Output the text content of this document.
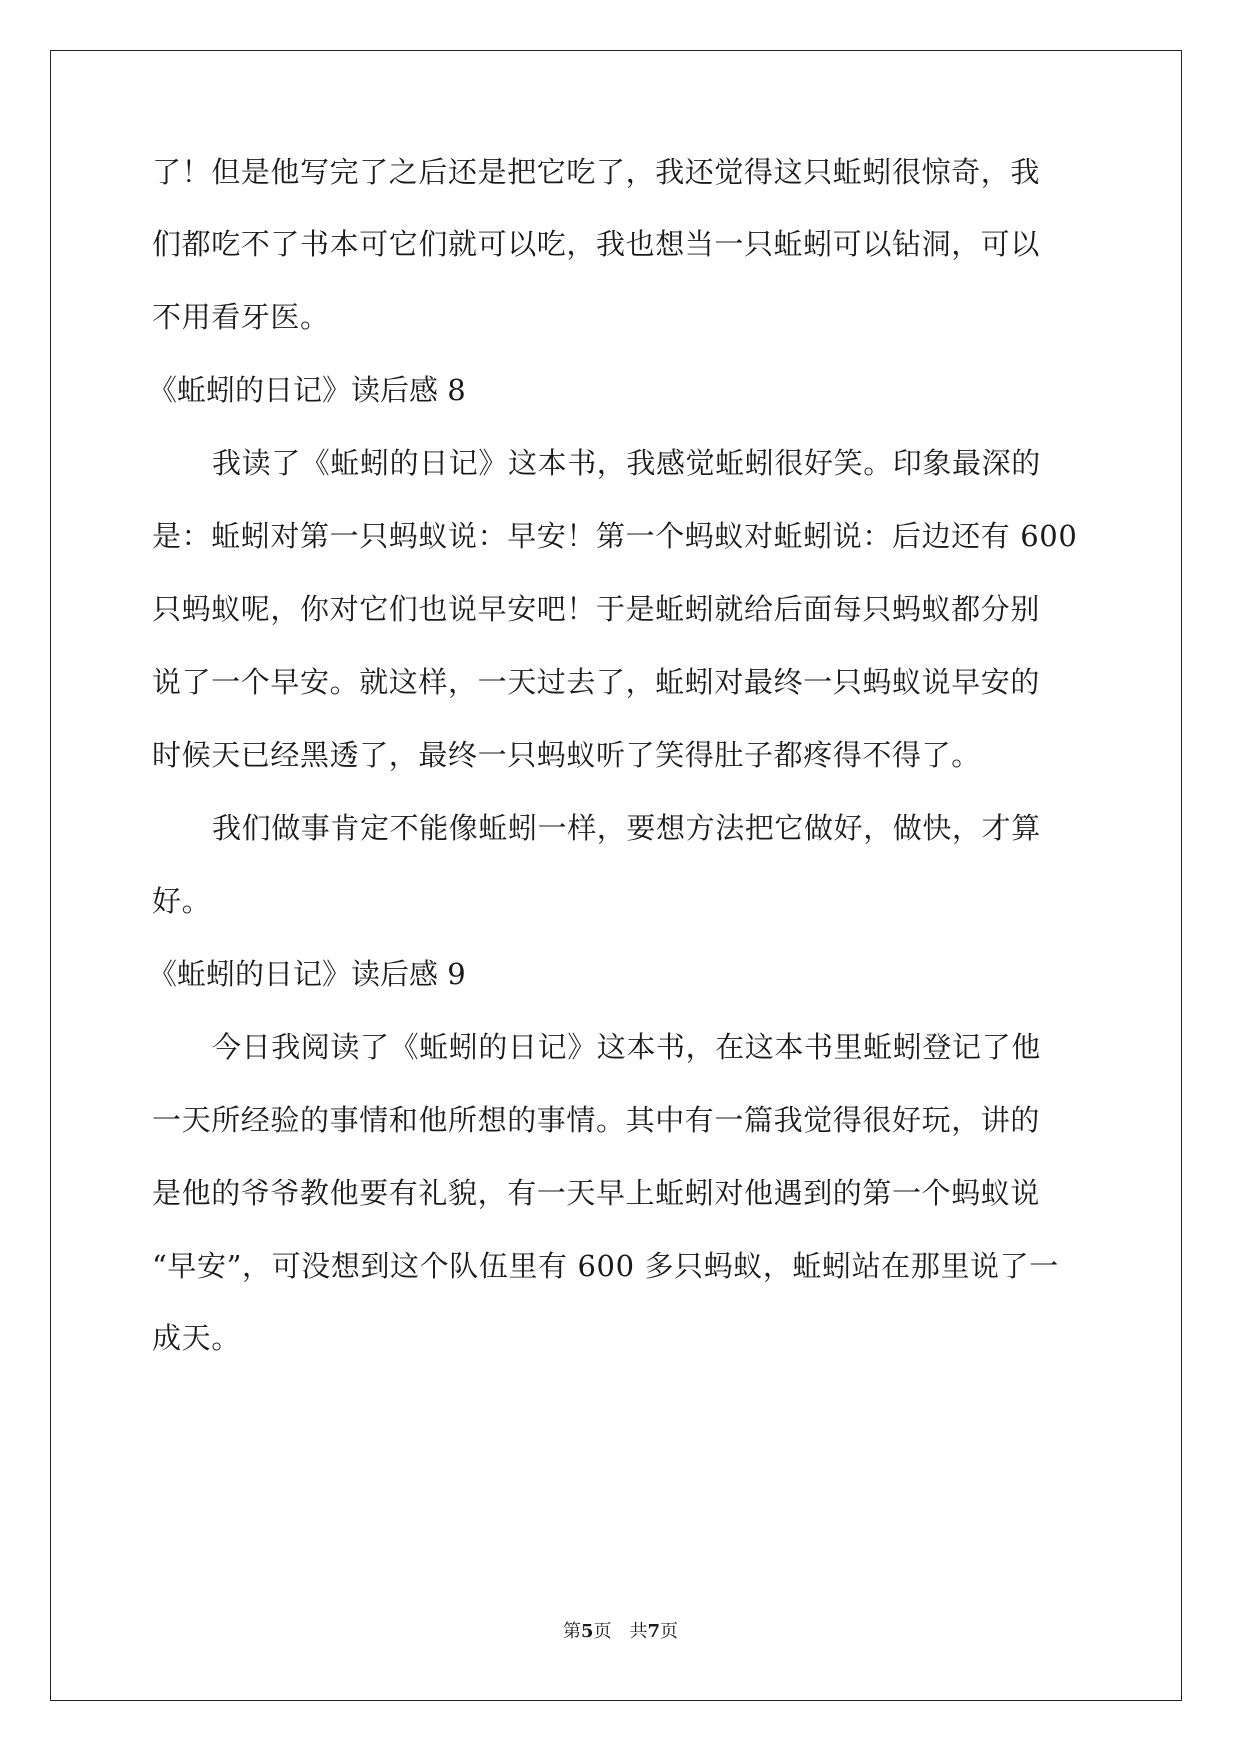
了！但是他写完了之后还是把它吃了，我还觉得这只蚯蚓很惊奇，我
们都吃不了书本可它们就可以吃，我也想当一只蚯蚓可以钻洞，可以
不用看牙医。
《蚯蚓的日记》读后感 8
我读了《蚯蚓的日记》这本书，我感觉蚯蚓很好笑。印象最深的
是：蚯蚓对第一只蚂蚁说：早安！第一个蚂蚁对蚯蚓说：后边还有 600
只蚂蚁呢，你对它们也说早安吧！于是蚯蚓就给后面每只蚂蚁都分别
说了一个早安。就这样，一天过去了，蚯蚓对最终一只蚂蚁说早安的
时候天已经黑透了，最终一只蚂蚁听了笑得肚子都疼得不得了。
我们做事肯定不能像蚯蚓一样，要想方法把它做好，做快，才算
好。
《蚯蚓的日记》读后感 9
今日我阅读了《蚯蚓的日记》这本书，在这本书里蚯蚓登记了他
一天所经验的事情和他所想的事情。其中有一篇我觉得很好玩，讲的
是他的爷爷教他要有礼貌，有一天早上蚯蚓对他遇到的第一个蚂蚁说
“早安”，可没想到这个队伍里有 600 多只蚂蚁，蚯蚓站在那里说了一
成天。
第5页 共7页
